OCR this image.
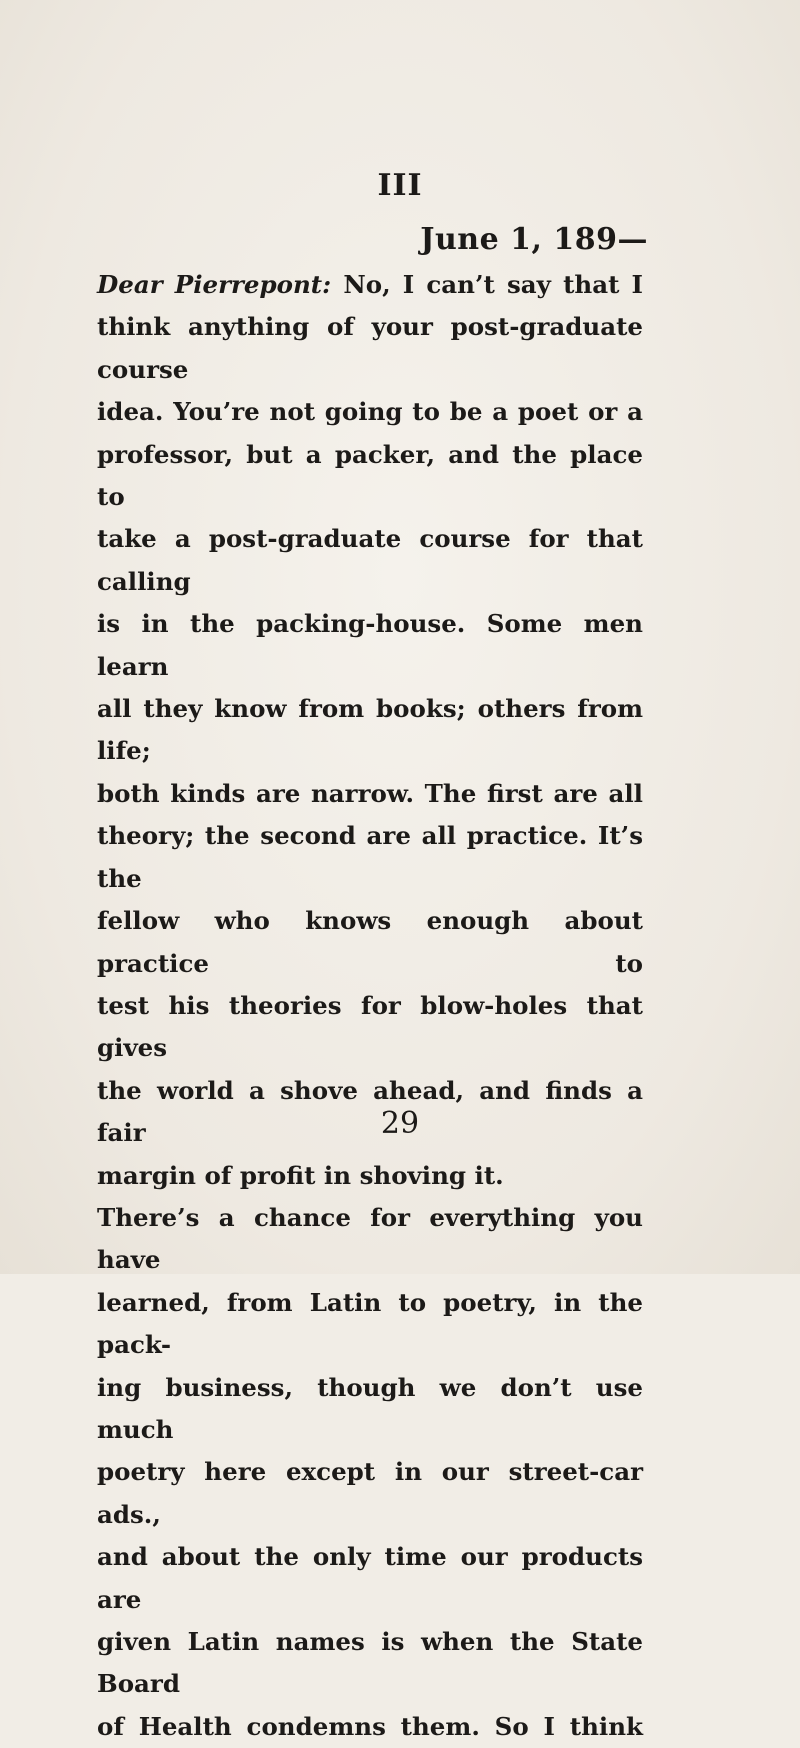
III
June 1, 189—

Dear Pierrepont: No, I can’t say that I

think anything of your post-graduate course

idea. You’re not going to be a poet or a

professor, but a packer, and the place to

take a post-graduate course for that calling

is in the packing-house. Some men learn

all they know from books; others from life;

both kinds are narrow. The first are all

theory; the second are all practice. It’s the

fellow who knows enough about practice to

test his theories for blow-holes that gives

the world a shove ahead, and finds a fair

margin of profit in shoving it.

There’s a chance for everything you have

learned, from Latin to poetry, in the pack-

ing business, though we don’t use much

poetry here except in our street-car ads.,

and about the only time our products are

given Latin names is when the State Board

of Health condemns them. So I think

29
